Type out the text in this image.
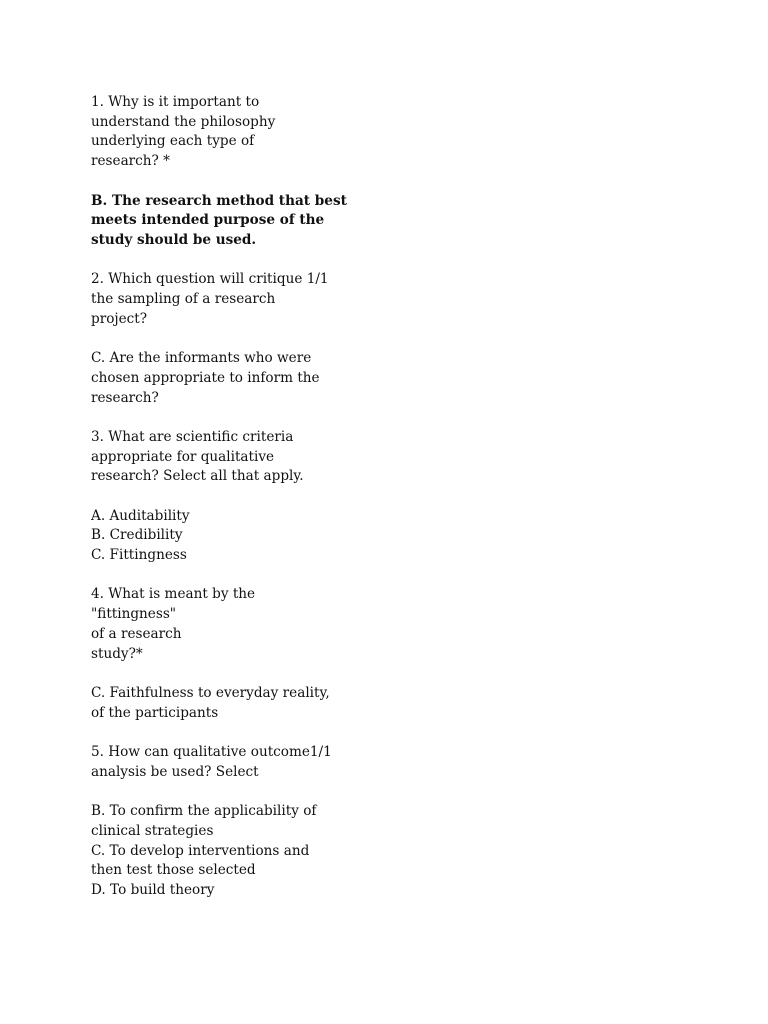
1. Why is it important to
understand the philosophy
underlying each type of
research? *
B. The research method that best
meets intended purpose of the
study should be used.
2. Which question will critique 1/1
the sampling of a research
project?
C. Are the informants who were
chosen appropriate to inform the
research?
3. What are scientific criteria
appropriate for qualitative
research? Select all that apply.
A. Auditability
B. Credibility
C. Fittingness
4. What is meant by the
"fittingness"
of a research
study?*
C. Faithfulness to everyday reality,
of the participants
5. How can qualitative outcome1/1
analysis be used? Select
B. To confirm the applicability of
clinical strategies
C. To develop interventions and
then test those selected
D. To build theory
